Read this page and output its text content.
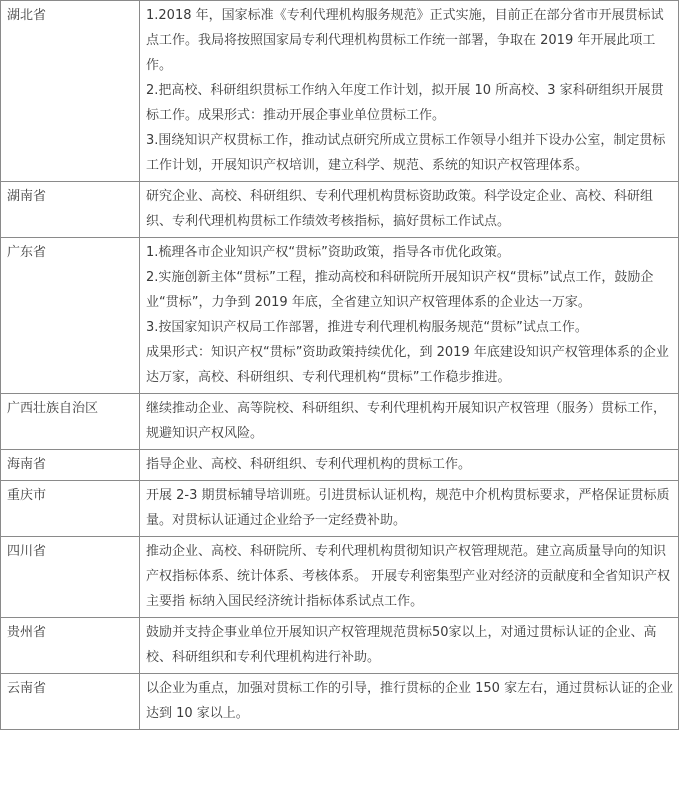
湖北省	1.2018 年，国家标准《专利代理机构服务规范》正式实施，目前正在部分省市开展贯标试点工作。我局将按照国家局专利代理机构贯标工作统一部署，争取在 2019 年开展此项工作。

2.把高校、科研组织贯标工作纳入年度工作计划，拟开展 10 所高校、3 家科研组织开展贯标工作。成果形式：推动开展企事业单位贯标工作。

3.围绕知识产权贯标工作，推动试点研究所成立贯标工作领导小组并下设办公室，制定贯标工作计划，开展知识产权培训，建立科学、规范、系统的知识产权管理体系。

湖南省	研究企业、高校、科研组织、专利代理机构贯标资助政策。科学设定企业、高校、科研组织、专利代理机构贯标工作绩效考核指标，搞好贯标工作试点。

广东省	1.梳理各市企业知识产权“贯标”资助政策，指导各市优化政策。

2.实施创新主体“贯标”工程，推动高校和科研院所开展知识产权“贯标”试点工作，鼓励企业“贯标”，力争到 2019 年底，全省建立知识产权管理体系的企业达一万家。

3.按国家知识产权局工作部署，推进专利代理机构服务规范“贯标”试点工作。

成果形式：知识产权“贯标”资助政策持续优化，到 2019 年底建设知识产权管理体系的企业达万家，高校、科研组织、专利代理机构“贯标”工作稳步推进。

广西壮族自治区	继续推动企业、高等院校、科研组织、专利代理机构开展知识产权管理（服务）贯标工作，规避知识产权风险。

海南省	指导企业、高校、科研组织、专利代理机构的贯标工作。

重庆市	开展 2-3 期贯标辅导培训班。引进贯标认证机构，规范中介机构贯标要求，严格保证贯标质量。对贯标认证通过企业给予一定经费补助。

四川省	推动企业、高校、科研院所、专利代理机构贯彻知识产权管理规范。建立高质量导向的知识产权指标体系、统计体系、考核体系。 开展专利密集型产业对经济的贡献度和全省知识产权主要指 标纳入国民经济统计指标体系试点工作。

贵州省	鼓励并支持企事业单位开展知识产权管理规范贯标50家以上，对通过贯标认证的企业、高校、科研组织和专利代理机构进行补助。

云南省	以企业为重点，加强对贯标工作的引导，推行贯标的企业 150 家左右，通过贯标认证的企业达到 10 家以上。
